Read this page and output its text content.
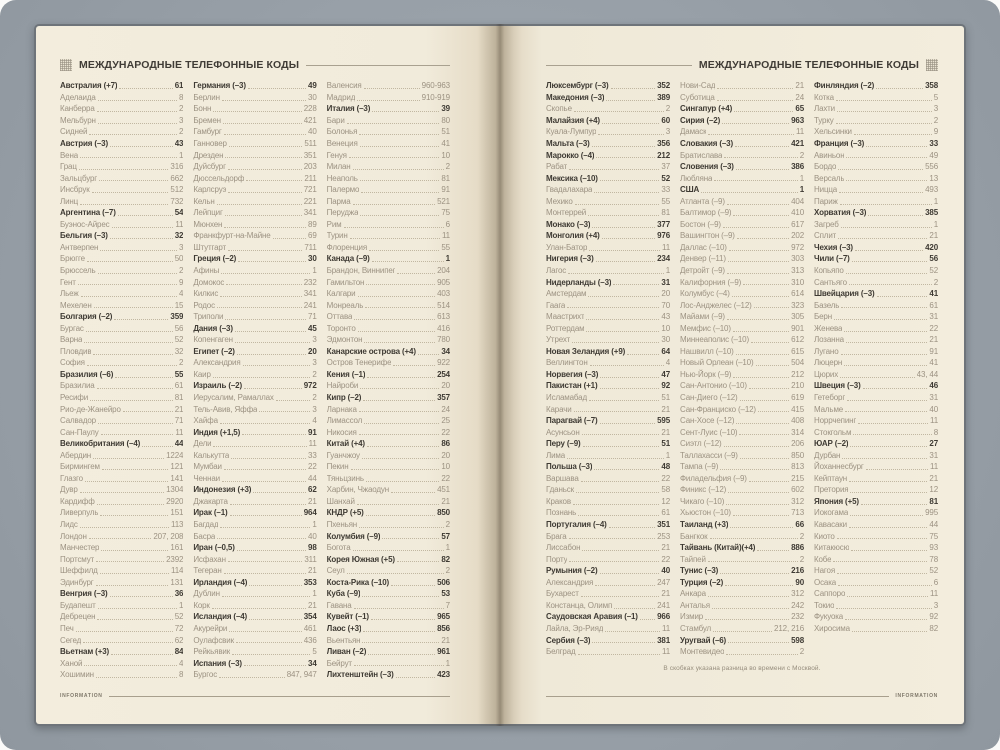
МЕЖДУНАРОДНЫЕ ТЕЛЕФОННЫЕ КОДЫ
Австралия (+7)	61
Аделаида	8
Канберра	2
Мельбурн	3
Сидней	2
Австрия (–3)	43
Вена	1
Грац	316
Зальцбург	662
Инсбрук	512
Линц	732
Аргентина (–7)	54
Буэнос-Айрес	11
Бельгия (–3)	32
Антверпен	3
Брюгге	50
Брюссель	2
Гент	9
Льеж	4
Мехелен	15
Болгария (–2)	359
Бургас	56
Варна	52
Пловдив	32
София	2
Бразилия (–6)	55
Бразилиа	61
Ресифи	81
Рио-де-Жанейро	21
Салвадор	71
Сан-Паулу	11
Великобритания (–4)	44
Абердин	1224
Бирмингем	121
Глазго	141
Дувр	1304
Кардифф	2920
Ливерпуль	151
Лидс	113
Лондон	207, 208
Манчестер	161
Портсмут	2392
Шеффилд	114
Эдинбург	131
Венгрия (–3)	36
Будапешт	1
Дебрецен	52
Печ	72
Сегед	62
Вьетнам (+3)	84
Ханой	4
Хошимин	8
Германия (–3)	49
Берлин	30
Бонн	228
Бремен	421
Гамбург	40
Ганновер	511
Дрезден	351
Дуйсбург	203
Дюссельдорф	211
Карлсруэ	721
Кельн	221
Лейпциг	341
Мюнхен	89
Франкфурт-на-Майне	69
Штутгарт	711
Греция (–2)	30
Афины	1
Домокос	232
Килкис	341
Родос	241
Триполи	71
Дания (–3)	45
Копенгаген	3
Египет (–2)	20
Александрия	3
Каир	2
Израиль (–2)	972
Иерусалим, Рамаллах	2
Тель-Авив, Яффа	3
Хайфа	4
Индия (+1,5)	91
Дели	11
Калькутта	33
Мумбаи	22
Ченнаи	44
Индонезия (+3)	62
Джакарта	21
Ирак (–1)	964
Багдад	1
Басра	40
Иран (–0,5)	98
Исфахан	311
Тегеран	21
Ирландия (–4)	353
Дублин	1
Корк	21
Исландия (–4)	354
Акурейри	461
Оулафсвик	436
Рейкьявик	5
Испания (–3)	34
Бургос	847, 947
Валенсия	960-963
Мадрид	910-919
Италия (–3)	39
Бари	80
Болонья	51
Венеция	41
Генуя	10
Милан	2
Неаполь	81
Палермо	91
Парма	521
Перуджа	75
Рим	6
Турин	11
Флоренция	55
Канада (–9)	1
Брандон, Виннипег	204
Гамильтон	905
Калгари	403
Монреаль	514
Оттава	613
Торонто	416
Эдмонтон	780
Канарские острова (+4)	34
Остров Тенерифе	922
Кения (–1)	254
Найроби	20
Кипр (–2)	357
Ларнака	24
Лимассол	25
Никосия	22
Китай (+4)	86
Гуанчжоу	20
Пекин	10
Тяньцзинь	22
Харбин, Чжаодун	451
Шанхай	21
КНДР (+5)	850
Пхеньян	2
Колумбия (–9)	57
Богота	1
Корея Южная (+5)	82
Сеул	2
Коста-Рика (–10)	506
Куба (–9)	53
Гавана	7
Кувейт (–1)	965
Лаос (+3)	856
Вьентьян	21
Ливан (–2)	961
Бейрут	1
Лихтенштейн (–3)	423
INFORMATION
МЕЖДУНАРОДНЫЕ ТЕЛЕФОННЫЕ КОДЫ
Люксембург (–3)	352
Македония (–3)	389
Скопье	2
Малайзия (+4)	60
Куала-Лумпур	3
Мальта (–3)	356
Марокко (–4)	212
Рабат	37
Мексика (–10)	52
Гвадалахара	33
Мехико	55
Монтеррей	81
Монако (–3)	377
Монголия (+4)	976
Улан-Батор	11
Нигерия (–3)	234
Лагос	1
Нидерланды (–3)	31
Амстердам	20
Гаага	70
Маастрихт	43
Роттердам	10
Утрехт	30
Новая Зеландия (+9)	64
Веллингтон	4
Норвегия (–3)	47
Пакистан (+1)	92
Исламабад	51
Карачи	21
Парагвай (–7)	595
Асунсьон	21
Перу (–9)	51
Лима	1
Польша (–3)	48
Варшава	22
Гданьск	58
Краков	12
Познань	61
Португалия (–4)	351
Брага	253
Лиссабон	21
Порту	22
Румыния (–2)	40
Александрия	247
Бухарест	21
Констанца, Олимп	241
Саудовская Аравия (–1) 966
Лайла, Эр-Рияд	11
Сербия (–3)	381
Белград	11
Нови-Сад	21
Суботица	24
Сингапур (+4)	65
Сирия (–2)	963
Дамаск	11
Словакия (–3)	421
Братислава	2
Словения (–3)	386
Любляна	1
США	1
Атланта (–9)	404
Балтимор (–9)	410
Бостон (–9)	617
Вашингтон (–9)	202
Даллас (–10)	972
Денвер (–11)	303
Детройт (–9)	313
Калифорния (–9)	310
Колумбус (–4)	614
Лос-Анджелес (–12)	323
Майами (–9)	305
Мемфис (–10)	901
Миннеаполис (–10)	612
Нашвилл (–10)	615
Новый Орлеан (–10)	504
Нью-Йорк (–9)	212
Сан-Антонио (–10)	210
Сан-Диего (–12)	619
Сан-Франциско (–12)	415
Сан-Хосе (–12)	408
Сент-Луис (–10)	314
Сиэтл (–12)	206
Таллахасси (–9)	850
Тампа (–9)	813
Филадельфия (–9)	215
Финикс (–12)	602
Чикаго (–10)	312
Хьюстон (–10)	713
Таиланд (+3)	66
Бангкок	2
Тайвань (Китай)(+4)	886
Тайпей	2
Тунис (–3)	216
Турция (–2)	90
Анкара	312
Анталья	242
Измир	232
Стамбул	212, 216
Уругвай (–6)	598
Монтевидео	2
Финляндия (–2)	358
Котка	5
Лахти	3
Турку	2
Хельсинки	9
Франция (–3)	33
Авиньон	49
Бордо	556
Версаль	13
Ницца	493
Париж	1
Хорватия (–3)	385
Загреб	1
Сплит	21
Чехия (–3)	420
Чили (–7)	56
Копьяпо	52
Сантьяго	2
Швейцария (–3)	41
Базель	61
Берн	31
Женева	22
Лозанна	21
Лугано	91
Люцерн	41
Цюрих	43, 44
Швеция (–3)	46
Гетеборг	31
Мальме	40
Норрчепинг	11
Стокгольм	8
ЮАР (–2)	27
Дурбан	31
Йоханнесбург	11
Кейптаун	21
Претория	12
Япония (+5)	81
Иокогама	995
Кавасаки	44
Киото	75
Китакюсю	93
Кобе	78
Нагоя	52
Осака	6
Саппоро	11
Токио	3
Фукуока	92
Хиросима	82
В скобках указана разница во времени с Москвой.
INFORMATION
